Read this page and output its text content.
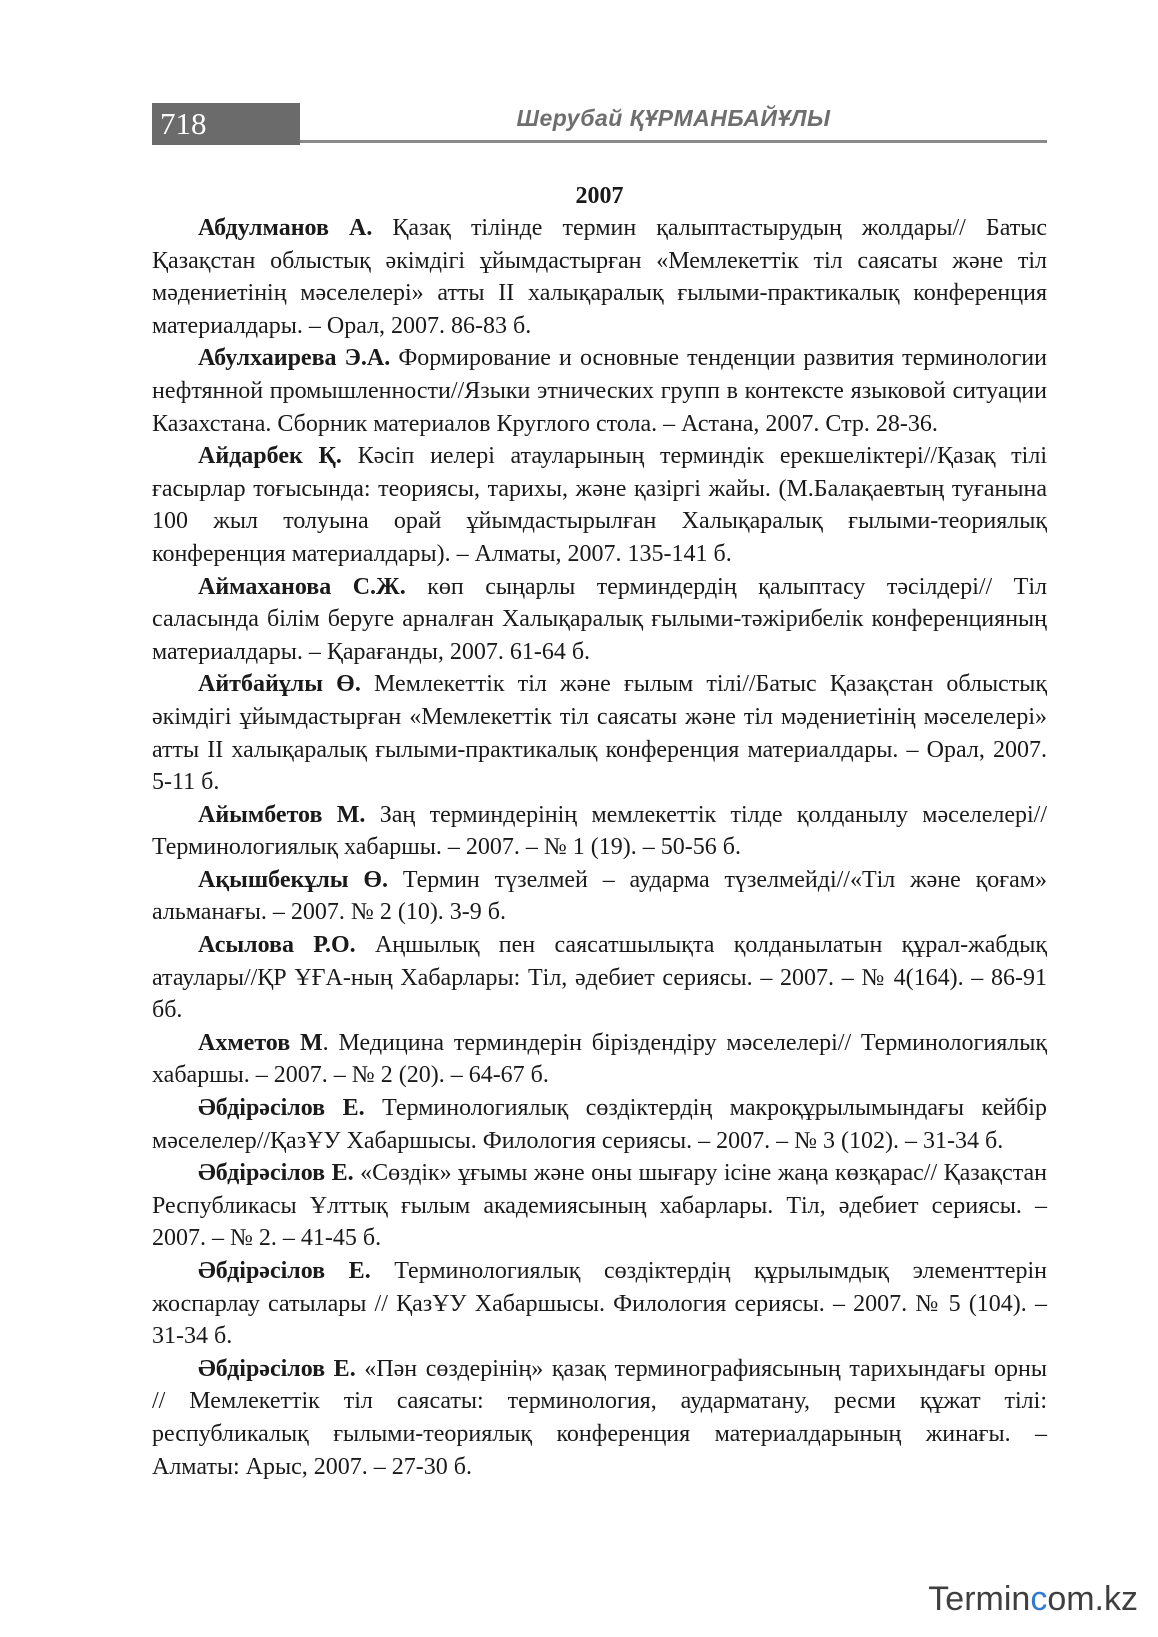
718	Шерубай ҚҰРМАНБАЙҰЛЫ
2007

Абдулманов А. Қазақ тілінде термин қалыптастырудың жолдары// Батыс Қазақстан облыстық әкімдігі ұйымдастырған «Мемлекеттік тіл саясаты және тіл мәдениетінің мәселелері» атты ІІ халықаралық ғылыми-практикалық конференция материалдары. – Орал, 2007. 86-83 б.

Абулхаирева Э.А. Формирование и основные тенденции развития терминологии нефтянной промышленности//Языки этнических групп в контексте языковой ситуации Казахстана. Сборник материалов Круглого стола. – Астана, 2007. Стр. 28-36.

Айдарбек Қ. Кәсіп иелері атауларының терминдік ерекшеліктері//Қазақ тілі ғасырлар тоғысында: теориясы, тарихы, және қазіргі жайы. (М.Балақаевтың туғанына 100 жыл толуына орай ұйымдастырылған Халықаралық ғылыми-теориялық конференция материалдары). – Алматы, 2007. 135-141 б.

Аймаханова С.Ж. көп сыңарлы терминдердің қалыптасу тәсілдері// Тіл саласында білім беруге арналған Халықаралық ғылыми-тәжірибелік конференцияның материалдары. – Қарағанды, 2007. 61-64 б.

Айтбайұлы Ө. Мемлекеттік тіл және ғылым тілі//Батыс Қазақстан облыстық әкімдігі ұйымдастырған «Мемлекеттік тіл саясаты және тіл мәдениетінің мәселелері» атты ІІ халықаралық ғылыми-практикалық конференция материалдары. – Орал, 2007. 5-11 б.

Айымбетов М. Заң терминдерінің мемлекеттік тілде қолданылу мәселелері//Терминологиялық хабаршы. – 2007. – № 1 (19). – 50-56 б.

Ақышбекұлы Ө. Термин түзелмей – аударма түзелмейді//«Тіл және қоғам» альманағы. – 2007. № 2 (10). 3-9 б.

Асылова Р.О. Аңшылық пен саясатшылықта қолданылатын құрал-жабдық атаулары//ҚР ҰҒА-ның Хабарлары: Тіл, әдебиет сериясы. – 2007. – № 4(164). – 86-91 бб.

Ахметов М. Медицина терминдерін біріздендіру мәселелері// Терминологиялық хабаршы. – 2007. – № 2 (20). – 64-67 б.

Әбдірәсілов Е. Терминологиялық сөздіктердің макроқұрылымындағы кейбір мәселелер//ҚазҰУ Хабаршысы. Филология сериясы. – 2007. – № 3 (102). – 31-34 б.

Әбдірәсілов Е. «Сөздік» ұғымы және оны шығару ісіне жаңа көзқарас// Қазақстан Республикасы Ұлттық ғылым академиясының хабарлары. Тіл, әдебиет сериясы. – 2007. – № 2. – 41-45 б.

Әбдірәсілов Е. Терминологиялық сөздіктердің құрылымдық элементтерін жоспарлау сатылары // ҚазҰУ Хабаршысы. Филология сериясы. – 2007. № 5 (104). – 31-34 б.

Әбдірәсілов Е. «Пән сөздерінің» қазақ терминографиясының тарихындағы орны // Мемлекеттік тіл саясаты: терминология, аударматану, ресми құжат тілі: республикалық ғылыми-теориялық конференция материалдарының жинағы. – Алматы: Арыс, 2007. – 27-30 б.

Termincom.kz
